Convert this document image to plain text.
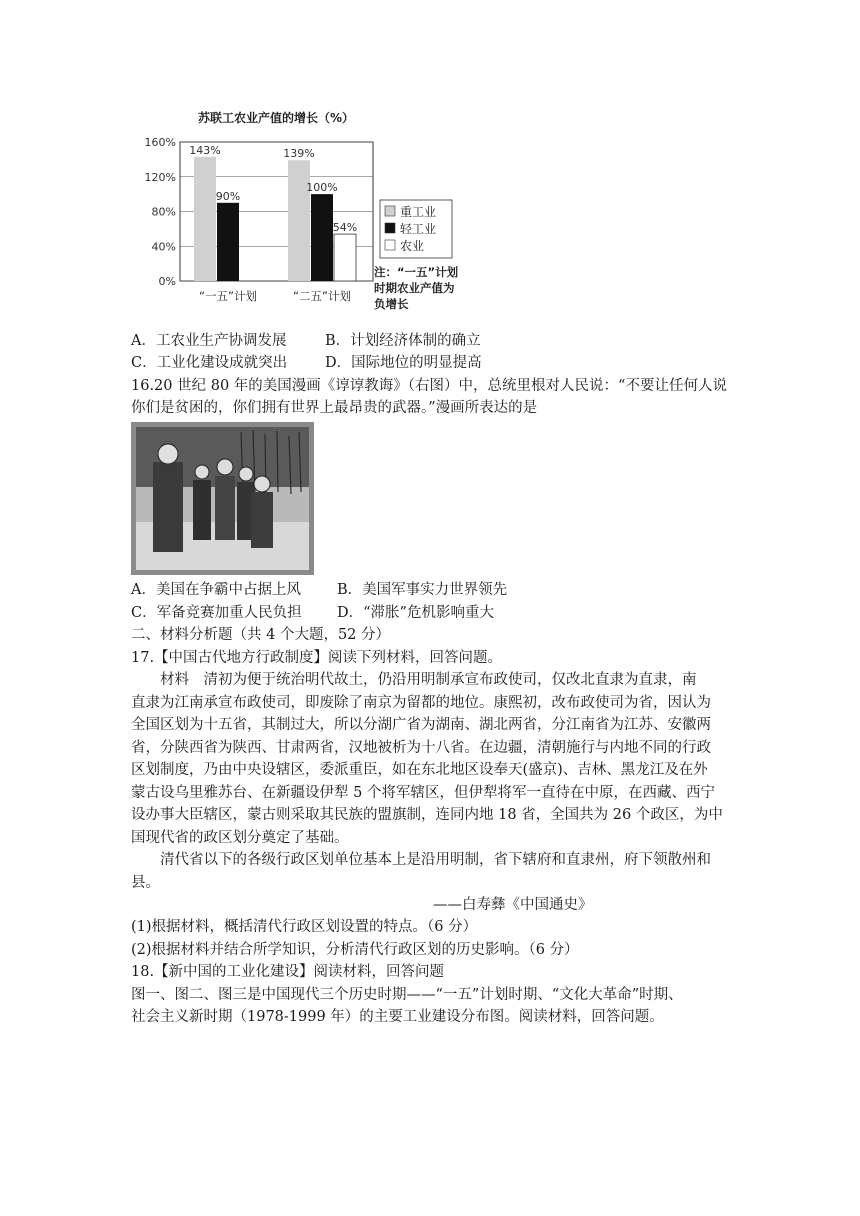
苏联工农业产值的增长（%）
0%
40%
80%
120%
160%
143%
90%
“一五”计划
139%
100%
54%
“二五”计划
重工业
轻工业
农业
注：“一五”计划
时期农业产值为
负增长
A．工农业生产协调发展	B．计划经济体制的确立
C．工业化建设成就突出	D．国际地位的明显提高
16.20 世纪 80 年的美国漫画《谆谆教诲》（右图）中，总统里根对人民说：“不要让任何人说
你们是贫困的，你们拥有世界上最昂贵的武器。”漫画所表达的是
A．美国在争霸中占据上风 B．美国军事实力世界领先
C．军备竞赛加重人民负担 D．“滞胀”危机影响重大
二、材料分析题（共 4 个大题，52 分）
17.【中国古代地方行政制度】阅读下列材料，回答问题。
材料　清初为便于统治明代故土，仍沿用明制承宣布政使司，仅改北直隶为直隶，南
直隶为江南承宣布政使司，即废除了南京为留都的地位。康熙初，改布政使司为省，因认为
全国区划为十五省，其制过大，所以分湖广省为湖南、湖北两省，分江南省为江苏、安徽两
省，分陕西省为陕西、甘肃两省，汉地被析为十八省。在边疆，清朝施行与内地不同的行政
区划制度，乃由中央设辖区，委派重臣，如在东北地区设奉天(盛京)、吉林、黑龙江及在外
蒙古设乌里雅苏台、在新疆设伊犁 5 个将军辖区，但伊犁将军一直待在中原，在西藏、西宁
设办事大臣辖区，蒙古则采取其民族的盟旗制，连同内地 18 省，全国共为 26 个政区，为中
国现代省的政区划分奠定了基础。
清代省以下的各级行政区划单位基本上是沿用明制，省下辖府和直隶州，府下领散州和
县。
——白寿彝《中国通史》
(1)根据材料，概括清代行政区划设置的特点。（6 分）
(2)根据材料并结合所学知识，分析清代行政区划的历史影响。（6 分）
18.【新中国的工业化建设】阅读材料，回答问题
图一、图二、图三是中国现代三个历史时期——“一五”计划时期、“文化大革命”时期、
社会主义新时期（1978-1999 年）的主要工业建设分布图。阅读材料，回答问题。
